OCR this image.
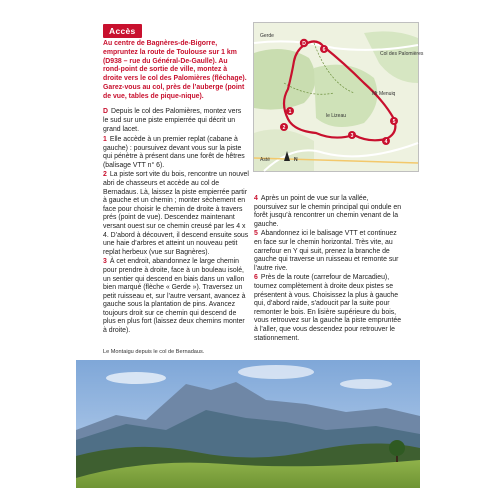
Accès
Au centre de Bagnères-de-Bigorre, empruntez la route de Toulouse sur 1 km (D938 – rue du Général-De-Gaulle). Au rond-point de sortie de ville, montez à droite vers le col des Palomières (fléchage). Garez-vous au col, près de l’auberge (point de vue, tables de pique-nique).
D Depuis le col des Palomières, montez vers le sud sur une piste empierrée qui décrit un grand lacet.

1 Elle accède à un premier replat (cabane à gauche) : poursuivez devant vous sur la piste qui pénètre à présent dans une forêt de hêtres (balisage VTT n° 6).

2 La piste sort vite du bois, rencontre un nouvel abri de chasseurs et accède au col de Bernadaus. Là, laissez la piste empierrée partir à gauche et un chemin ; monter sèchement en face pour choisir le chemin de droite à travers prés (point de vue). Descendez maintenant versant ouest sur ce chemin creusé par les 4 x 4. D’abord à découvert, il descend ensuite sous une haie d’arbres et atteint un nouveau petit replat herbeux (vue sur Bagnères).

3 À cet endroit, abandonnez le large chemin pour prendre à droite, face à un bouleau isolé, un sentier qui descend en biais dans un vallon bien marqué (flèche « Gerde »). Traversez un petit ruisseau et, sur l’autre versant, avancez à gauche sous la plantation de pins. Avancez toujours droit sur ce chemin qui descend de plus en plus fort (laissez deux chemins monter à droite).

4 Après un point de vue sur la vallée, poursuivez sur le chemin principal qui ondule en forêt jusqu’à rencontrer un chemin venant de la gauche.

5 Abandonnez ici le balisage VTT et continuez en face sur le chemin horizontal. Très vite, au carrefour en Y qui suit, prenez la branche de gauche qui traverse un ruisseau et remonte sur l’autre rive.

6 Près de la route (carrefour de Marcadieu), tournez complètement à droite deux pistes se présentent à vous. Choisissez la plus à gauche qui, d’abord raide, s’adoucit par la suite pour remonter le bois. En lisière supérieure du bois, vous retrouvez sur la gauche la piste empruntée à l’aller, que vous descendez pour retrouver le stationnement.

D
1
2
3
4
5
6
Gerde
Col des Palomières
Mt Menuiq
le Lizeau
Asté	N
Le Montaigu depuis le col de Bernadaus.
